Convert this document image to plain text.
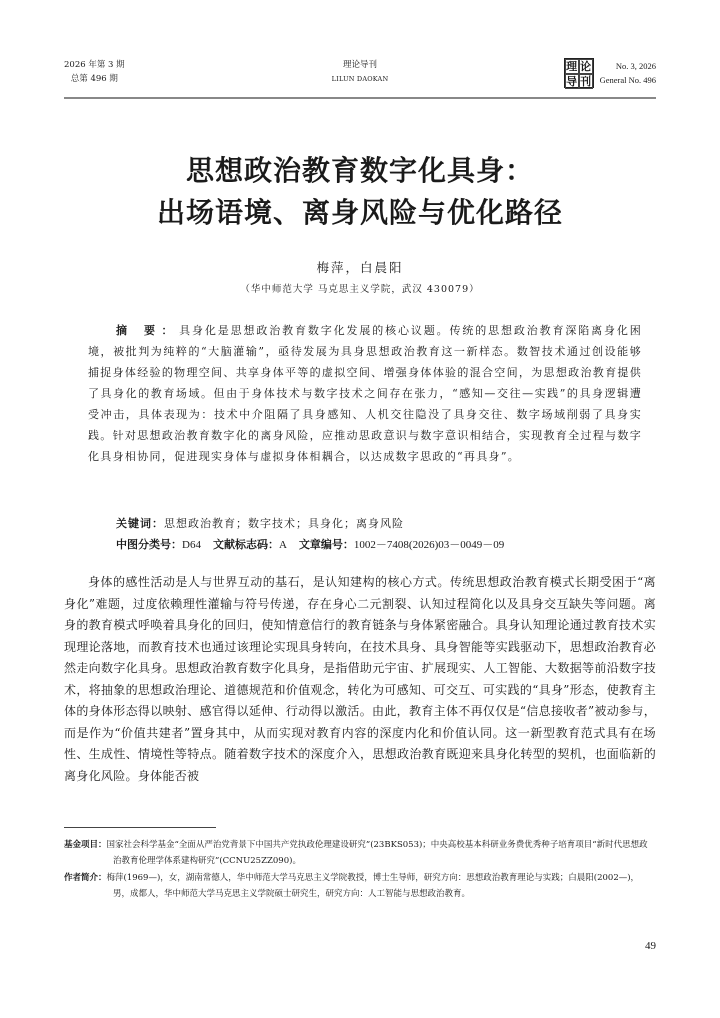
2026 年第 3 期
总第 496 期
理论导刊
LILUN DAOKAN
理 论
导 刊
No. 3, 2026
General No. 496
思想政治教育数字化具身：
出场语境、离身风险与优化路径
梅萍，白晨阳
（华中师范大学 马克思主义学院，武汉 430079）
摘 要：具身化是思想政治教育数字化发展的核心议题。传统的思想政治教育深陷离身化困境，被批判为纯粹的“大脑灌输”，亟待发展为具身思想政治教育这一新样态。数智技术通过创设能够捕捉身体经验的物理空间、共享身体平等的虚拟空间、增强身体体验的混合空间，为思想政治教育提供了具身化的教育场域。但由于身体技术与数字技术之间存在张力，“感知—交往—实践”的具身逻辑遭受冲击，具体表现为：技术中介阻隔了具身感知、人机交往隐没了具身交往、数字场域削弱了具身实践。针对思想政治教育数字化的离身风险，应推动思政意识与数字意识相结合，实现教育全过程与数字化具身相协同，促进现实身体与虚拟身体相耦合，以达成数字思政的“再具身”。
关键词：思想政治教育；数字技术；具身化；离身风险
中图分类号：D64 文献标志码：A 文章编号：1002－7408(2026)03－0049－09
身体的感性活动是人与世界互动的基石，是认知建构的核心方式。传统思想政治教育模式长期受困于“离身化”难题，过度依赖理性灌输与符号传递，存在身心二元割裂、认知过程简化以及具身交互缺失等问题。离身的教育模式呼唤着具身化的回归，使知情意信行的教育链条与身体紧密融合。具身认知理论通过教育技术实现理论落地，而教育技术也通过该理论实现具身转向，在技术具身、具身智能等实践驱动下，思想政治教育必然走向数字化具身。思想政治教育数字化具身，是指借助元宇宙、扩展现实、人工智能、大数据等前沿数字技术，将抽象的思想政治理论、道德规范和价值观念，转化为可感知、可交互、可实践的“具身”形态，使教育主体的身体形态得以映射、感官得以延伸、行动得以激活。由此，教育主体不再仅仅是“信息接收者”被动参与，而是作为“价值共建者”置身其中，从而实现对教育内容的深度内化和价值认同。这一新型教育范式具有在场性、生成性、情境性等特点。随着数字技术的深度介入，思想政治教育既迎来具身化转型的契机，也面临新的离身化风险。身体能否被
基金项目：国家社会科学基金“全面从严治党背景下中国共产党执政伦理建设研究”(23BKS053)；中央高校基本科研业务费优秀种子培育项目“新时代思想政治教育伦理学体系建构研究”(CCNU25ZZ090)。
作者简介：梅萍(1969—)，女，湖南常德人，华中师范大学马克思主义学院教授，博士生导师，研究方向：思想政治教育理论与实践；白晨阳(2002—)，男，成都人，华中师范大学马克思主义学院硕士研究生，研究方向：人工智能与思想政治教育。
49
